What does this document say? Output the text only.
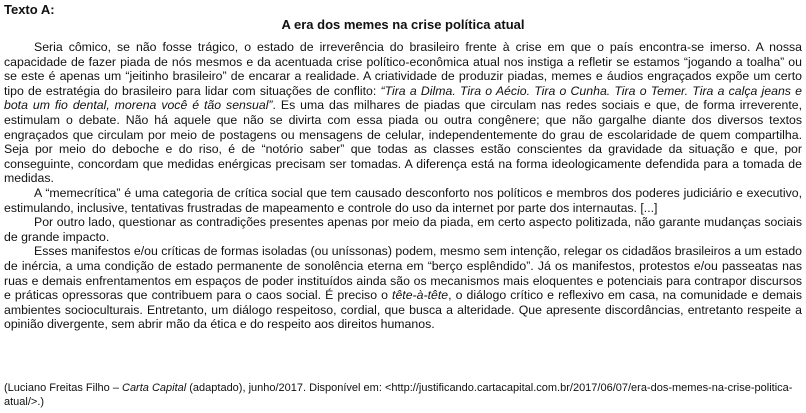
Texto A:
A era dos memes na crise política atual

Seria cômico, se não fosse trágico, o estado de irreverência do brasileiro frente à crise em que o país encontra-se imerso. A nossa capacidade de fazer piada de nós mesmos e da acentuada crise político-econômica atual nos instiga a refletir se estamos “jogando a toalha” ou se este é apenas um “jeitinho brasileiro” de encarar a realidade. A criatividade de produzir piadas, memes e áudios engraçados expõe um certo tipo de estratégia do brasileiro para lidar com situações de conflito: “Tira a Dilma. Tira o Aécio. Tira o Cunha. Tira o Temer. Tira a calça jeans e bota um fio dental, morena você é tão sensual”. Es uma das milhares de piadas que circulam nas redes sociais e que, de forma irreverente, estimulam o debate. Não há aquele que não se divirta com essa piada ou outra congênere; que não gargalhe diante dos diversos textos engraçados que circulam por meio de postagens ou mensagens de celular, independentemente do grau de escolaridade de quem compartilha. Seja por meio do deboche e do riso, é de “notório saber” que todas as classes estão conscientes da gravidade da situação e que, por conseguinte, concordam que medidas enérgicas precisam ser tomadas. A diferença está na forma ideologicamente defendida para a tomada de medidas.

A “memecrítica” é uma categoria de crítica social que tem causado desconforto nos políticos e membros dos poderes judiciário e executivo, estimulando, inclusive, tentativas frustradas de mapeamento e controle do uso da internet por parte dos internautas. [...]

Por outro lado, questionar as contradições presentes apenas por meio da piada, em certo aspecto politizada, não garante mudanças sociais de grande impacto.

Esses manifestos e/ou críticas de formas isoladas (ou uníssonas) podem, mesmo sem intenção, relegar os cidadãos brasileiros a um estado de inércia, a uma condição de estado permanente de sonolência eterna em “berço esplêndido”. Já os manifestos, protestos e/ou passeatas nas ruas e demais enfrentamentos em espaços de poder instituídos ainda são os mecanismos mais eloquentes e potenciais para contrapor discursos e práticas opressoras que contribuem para o caos social. É preciso o tête-à-tête, o diálogo crítico e reflexivo em casa, na comunidade e demais ambientes socioculturais. Entretanto, um diálogo respeitoso, cordial, que busca a alteridade. Que apresente discordâncias, entretanto respeite a opinião divergente, sem abrir mão da ética e do respeito aos direitos humanos.

(Luciano Freitas Filho – Carta Capital (adaptado), junho/2017. Disponível em: <http://justificando.cartacapital.com.br/2017/06/07/era-dos-memes-na-crise-politica-atual/>.)
